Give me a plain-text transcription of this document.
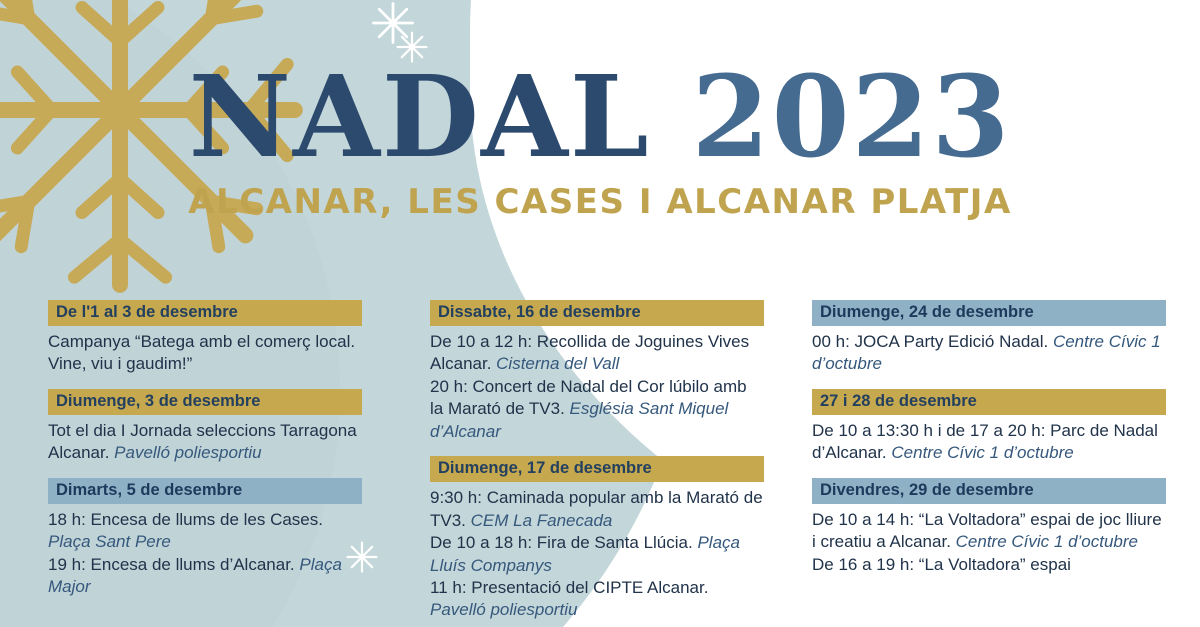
NADAL 2023
ALCANAR, LES CASES I ALCANAR PLATJA
De l'1 al 3 de desembre
Campanya “Batega amb el comerç local. Vine, viu i gaudim!”
Diumenge, 3 de desembre
Tot el dia I Jornada seleccions Tarragona Alcanar. Pavelló poliesportiu
Dimarts, 5 de desembre
18 h: Encesa de llums de les Cases. Plaça Sant Pere
19 h: Encesa de llums d’Alcanar. Plaça Major
Dissabte, 16 de desembre
De 10 a 12 h: Recollida de Joguines Vives Alcanar. Cisterna del Vall
20 h: Concert de Nadal del Cor lúbilo amb la Marató de TV3. Església Sant Miquel d’Alcanar
Diumenge, 17 de desembre
9:30 h: Caminada popular amb la Marató de TV3. CEM La Fanecada
De 10 a 18 h: Fira de Santa Llúcia. Plaça Lluís Companys
11 h: Presentació del CIPTE Alcanar. Pavelló poliesportiu
Diumenge, 24 de desembre
00 h: JOCA Party Edició Nadal. Centre Cívic 1 d’octubre
27 i 28 de desembre
De 10 a 13:30 h i de 17 a 20 h: Parc de Nadal d’Alcanar. Centre Cívic 1 d’octubre
Divendres, 29 de desembre
De 10 a 14 h: “La Voltadora” espai de joc lliure i creatiu a Alcanar. Centre Cívic 1 d’octubre
De 16 a 19 h: “La Voltadora” espai
